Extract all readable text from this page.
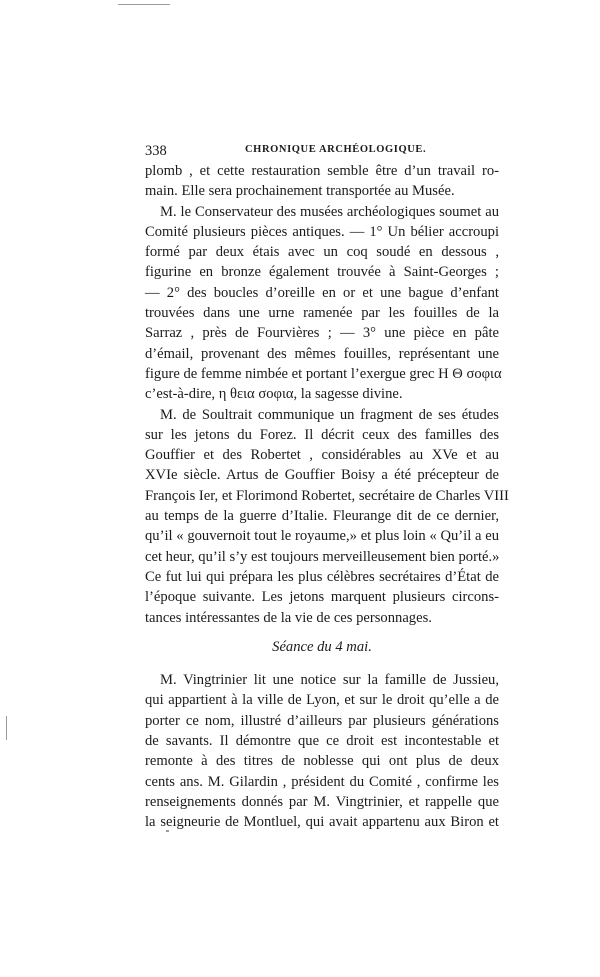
338	CHRONIQUE ARCHÉOLOGIQUE.
plomb , et cette restauration semble être d’un travail ro-
main. Elle sera prochainement transportée au Musée.
M. le Conservateur des musées archéologiques soumet au
Comité plusieurs pièces antiques. — 1° Un bélier accroupi
formé par deux étais avec un coq soudé en dessous ,
figurine en bronze également trouvée à Saint-Georges ;
— 2° des boucles d’oreille en or et une bague d’enfant
trouvées dans une urne ramenée par les fouilles de la
Sarraz , près de Fourvières ; — 3° une pièce en pâte
d’émail, provenant des mêmes fouilles, représentant une
figure de femme nimbée et portant l’exergue grec H Θ σοφια
c’est-à-dire, η θεια σοφια, la sagesse divine.
M. de Soultrait communique un fragment de ses études
sur les jetons du Forez. Il décrit ceux des familles des
Gouffier et des Robertet , considérables au XVe et au
XVIe siècle. Artus de Gouffier Boisy a été précepteur de
François Ier, et Florimond Robertet, secrétaire de Charles VIII
au temps de la guerre d’Italie. Fleurange dit de ce dernier,
qu’il « gouvernoit tout le royaume,» et plus loin « Qu’il a eu
cet heur, qu’il s’y est toujours merveilleusement bien porté.»
Ce fut lui qui prépara les plus célèbres secrétaires d’État de
l’époque suivante. Les jetons marquent plusieurs circons-
tances intéressantes de la vie de ces personnages.
Séance du 4 mai.
M. Vingtrinier lit une notice sur la famille de Jussieu,
qui appartient à la ville de Lyon, et sur le droit qu’elle a de
porter ce nom, illustré d’ailleurs par plusieurs générations
de savants. Il démontre que ce droit est incontestable et
remonte à des titres de noblesse qui ont plus de deux
cents ans. M. Gilardin , président du Comité , confirme les
renseignements donnés par M. Vingtrinier, et rappelle que
la seigneurie de Montluel, qui avait appartenu aux Biron et
